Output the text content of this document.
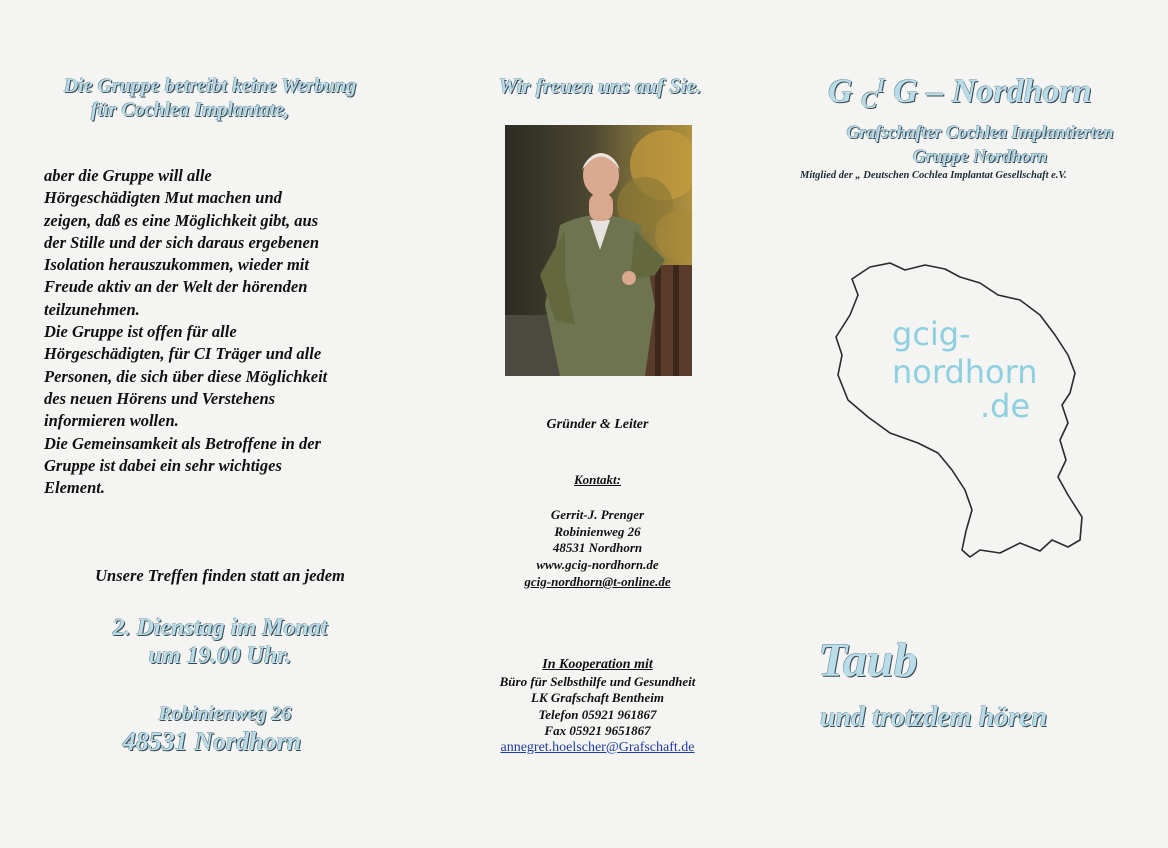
Die Gruppe betreibt keine Werbung
für Cochlea Implantate,

aber die Gruppe will alle

Hörgeschädigten Mut machen und

zeigen, daß es eine Möglichkeit gibt, aus

der Stille und der sich daraus ergebenen

Isolation herauszukommen, wieder mit

Freude aktiv an der Welt der hörenden

teilzunehmen.

Die Gruppe ist offen für alle

Hörgeschädigten, für CI Träger und alle

Personen, die sich über diese Möglichkeit

des neuen Hörens und Verstehens

informieren wollen.

Die Gemeinsamkeit als Betroffene in der

Gruppe ist dabei ein sehr wichtiges

Element.

Unsere Treffen finden statt an jedem
2. Dienstag im Monat
um 19.00 Uhr.
Robinienweg 26
48531 Nordhorn
Wir freuen uns auf Sie.
Gründer & Leiter
Kontakt:
Gerrit-J. Prenger
Robinienweg 26
48531 Nordhorn
www.gcig-nordhorn.de
gcig-nordhorn@t-online.de
In Kooperation mit
Büro für Selbsthilfe und Gesundheit
LK Grafschaft Bentheim
Telefon 05921 961867
Fax 05921 9651867
annegret.hoelscher@Grafschaft.de
G $C^I$ G – Nordhorn
Grafschafter Cochlea Implantierten
Gruppe Nordhorn
Mitglied der „ Deutschen Cochlea Implantat Gesellschaft e.V.
gcig-
nordhorn
.de
Taub
und trotzdem hören
